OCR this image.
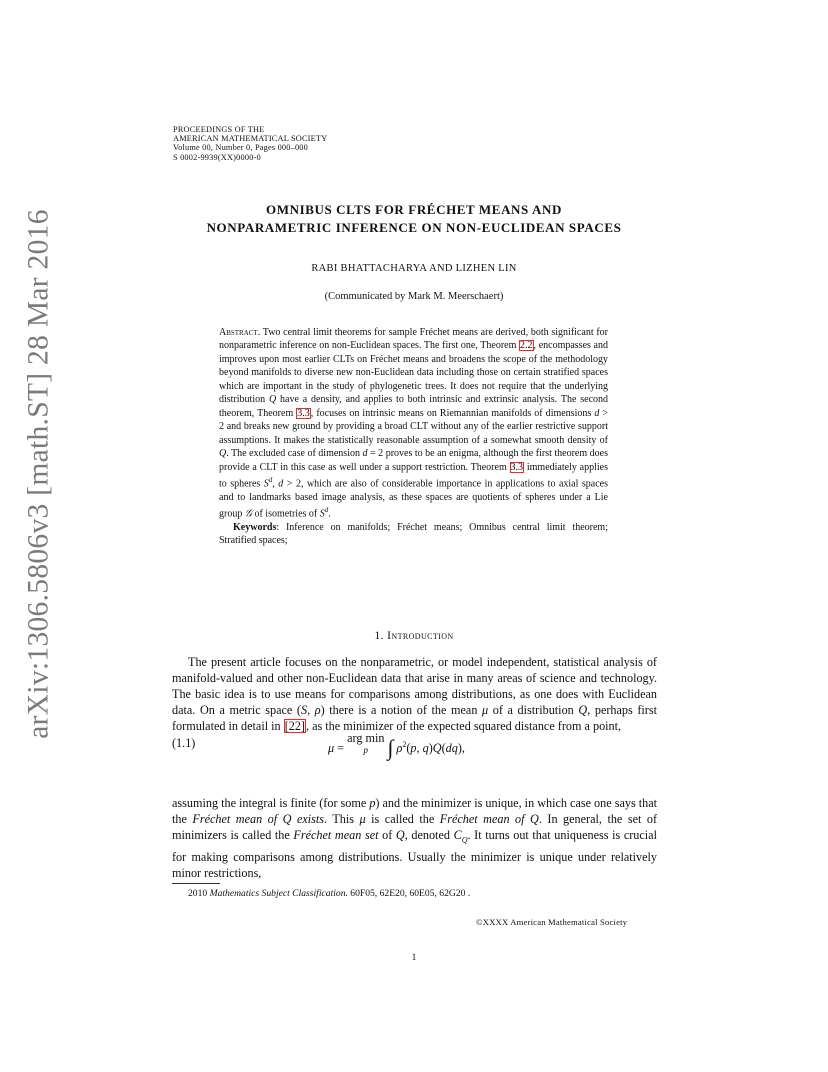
arXiv:1306.5806v3 [math.ST] 28 Mar 2016
PROCEEDINGS OF THE
AMERICAN MATHEMATICAL SOCIETY
Volume 00, Number 0, Pages 000–000
S 0002-9939(XX)0000-0
OMNIBUS CLTS FOR FRÉCHET MEANS AND
NONPARAMETRIC INFERENCE ON NON-EUCLIDEAN SPACES
RABI BHATTACHARYA AND LIZHEN LIN
(Communicated by Mark M. Meerschaert)

Abstract. Two central limit theorems for sample Fréchet means are derived, both significant for nonparametric inference on non-Euclidean spaces. The first one, Theorem 2.2, encompasses and improves upon most earlier CLTs on Fréchet means and broadens the scope of the methodology beyond manifolds to diverse new non-Euclidean data including those on certain stratified spaces which are important in the study of phylogenetic trees. It does not require that the underlying distribution Q have a density, and applies to both intrinsic and extrinsic analysis. The second theorem, Theorem 3.3, focuses on intrinsic means on Riemannian manifolds of dimensions d > 2 and breaks new ground by providing a broad CLT without any of the earlier restrictive support assumptions. It makes the statistically reasonable assumption of a somewhat smooth density of Q. The excluded case of dimension d = 2 proves to be an enigma, although the first theorem does provide a CLT in this case as well under a support restriction. Theorem 3.3 immediately applies to spheres $S^d$, d > 2, which are also of considerable importance in applications to axial spaces and to landmarks based image analysis, as these spaces are quotients of spheres under a Lie group 𝒢 of isometries of $S^d$.

Keywords: Inference on manifolds; Fréchet means; Omnibus central limit theorem; Stratified spaces;

1. Introduction

The present article focuses on the nonparametric, or model independent, statistical analysis of manifold-valued and other non-Euclidean data that arise in many areas of science and technology. The basic idea is to use means for comparisons among distributions, as one does with Euclidean data. On a metric space (S, ρ) there is a notion of the mean μ of a distribution Q, perhaps first formulated in detail in [22], as the minimizer of the expected squared distance from a point,

(1.1)	μ = arg min
p ∫ $\rho^2(p$, q)Q(dq),

assuming the integral is finite (for some p) and the minimizer is unique, in which case one says that the Fréchet mean of Q exists. This μ is called the Fréchet mean of Q. In general, the set of minimizers is called the Fréchet mean set of Q, denoted $C_Q$. It turns out that uniqueness is crucial for making comparisons among distributions. Usually the minimizer is unique under relatively minor restrictions,

2010 Mathematics Subject Classification. 60F05, 62E20, 60E05, 62G20 .
©XXXX American Mathematical Society
1
